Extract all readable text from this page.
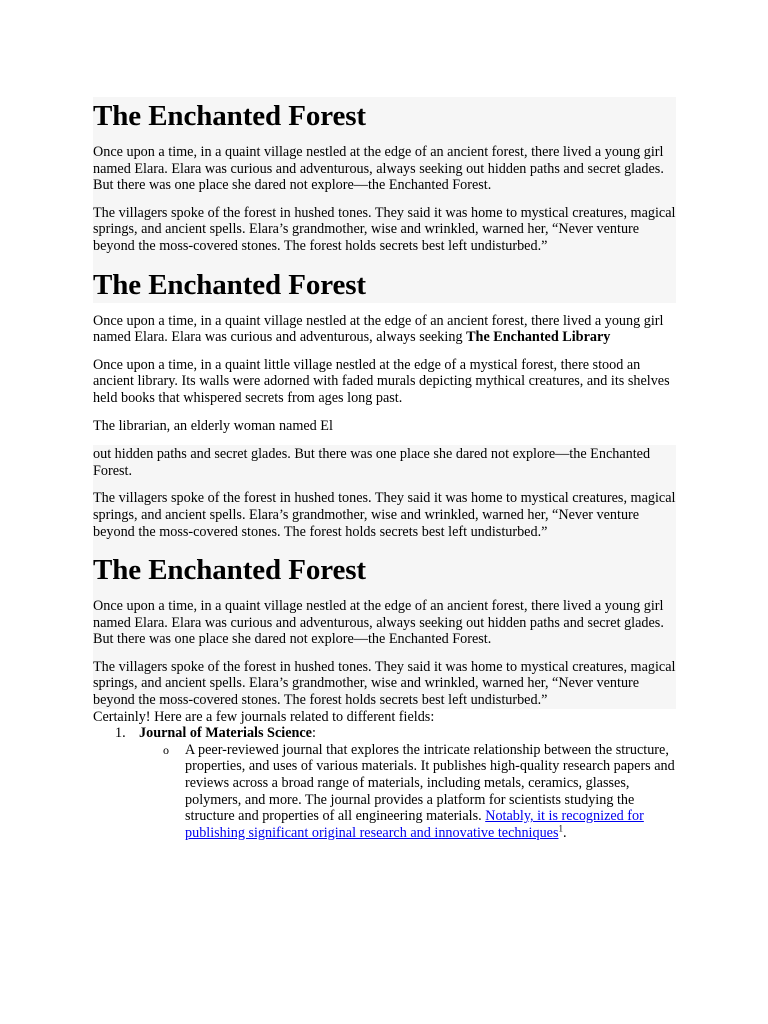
The Enchanted Forest

Once upon a time, in a quaint village nestled at the edge of an ancient forest, there lived a young girl named Elara. Elara was curious and adventurous, always seeking out hidden paths and secret glades. But there was one place she dared not explore—the Enchanted Forest.

The villagers spoke of the forest in hushed tones. They said it was home to mystical creatures, magical springs, and ancient spells. Elara’s grandmother, wise and wrinkled, warned her, “Never venture beyond the moss-covered stones. The forest holds secrets best left undisturbed.”

The Enchanted Forest

Once upon a time, in a quaint village nestled at the edge of an ancient forest, there lived a young girl named Elara. Elara was curious and adventurous, always seeking The Enchanted Library

Once upon a time, in a quaint little village nestled at the edge of a mystical forest, there stood an ancient library. Its walls were adorned with faded murals depicting mythical creatures, and its shelves held books that whispered secrets from ages long past.

The librarian, an elderly woman named El

out hidden paths and secret glades. But there was one place she dared not explore—the Enchanted Forest.

The villagers spoke of the forest in hushed tones. They said it was home to mystical creatures, magical springs, and ancient spells. Elara’s grandmother, wise and wrinkled, warned her, “Never venture beyond the moss-covered stones. The forest holds secrets best left undisturbed.”

The Enchanted Forest

Once upon a time, in a quaint village nestled at the edge of an ancient forest, there lived a young girl named Elara. Elara was curious and adventurous, always seeking out hidden paths and secret glades. But there was one place she dared not explore—the Enchanted Forest.

The villagers spoke of the forest in hushed tones. They said it was home to mystical creatures, magical springs, and ancient spells. Elara’s grandmother, wise and wrinkled, warned her, “Never venture beyond the moss-covered stones. The forest holds secrets best left undisturbed.”

Certainly! Here are a few journals related to different fields:
1. Journal of Materials Science:
o A peer-reviewed journal that explores the intricate relationship between the structure, properties, and uses of various materials. It publishes high-quality research papers and reviews across a broad range of materials, including metals, ceramics, glasses, polymers, and more. The journal provides a platform for scientists studying the structure and properties of all engineering materials. Notably, it is recognized for publishing significant original research and innovative techniques$^1$.
